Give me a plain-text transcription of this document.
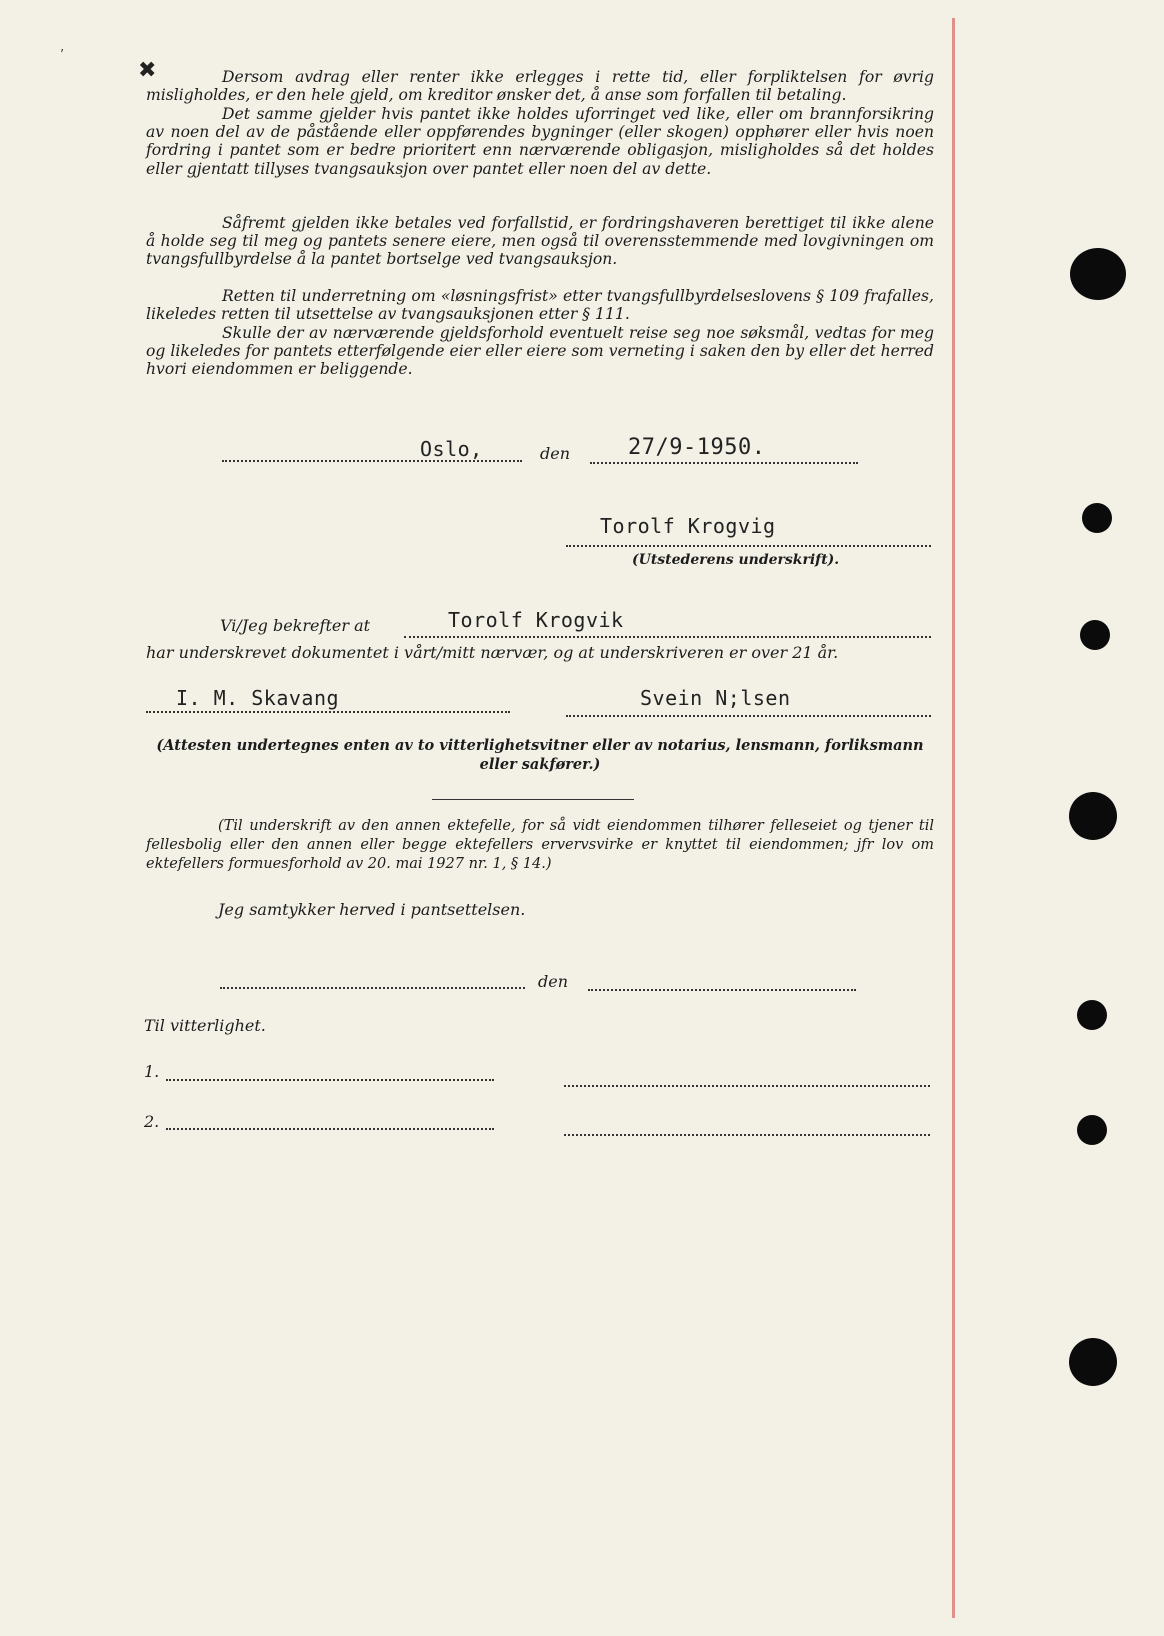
’
✖	Dersom avdrag eller renter ikke erlegges i rette tid, eller forpliktelsen for øvrig misligholdes, er den hele gjeld, om kreditor ønsker det, å anse som forfallen til betaling.

Det samme gjelder hvis pantet ikke holdes uforringet ved like, eller om brannforsikring av noen del av de påstående eller oppførendes bygninger (eller skogen) opphører eller hvis noen fordring i pantet som er bedre prioritert enn nærværende obligasjon, misligholdes så det holdes eller gjentatt tillyses tvangsauksjon over pantet eller noen del av dette.

Såfremt gjelden ikke betales ved forfallstid, er fordringshaveren berettiget til ikke alene å holde seg til meg og pantets senere eiere, men også til overensstemmende med lovgivningen om tvangsfullbyrdelse å la pantet bortselge ved tvangsauksjon.

Retten til underretning om «løsningsfrist» etter tvangsfullbyrdelseslovens § 109 frafalles, likeledes retten til utsettelse av tvangsauksjonen etter § 111.

Skulle der av nærværende gjeldsforhold eventuelt reise seg noe søksmål, vedtas for meg og likeledes for pantets etterfølgende eier eller eiere som verneting i saken den by eller det herred hvori eiendommen er beliggende.

Oslo,	den	27/9-1950.
Torolf Krogvig
(Utstederens underskrift).
Vi/Jeg bekrefter at	Torolf Krogvik
har underskrevet dokumentet i vårt/mitt nærvær, og at underskriveren er over 21 år.
I. M. Skavang	Svein N;lsen
(Attesten undertegnes enten av to vitterlighetsvitner eller av notarius, lensmann, forliksmann eller sakfører.)
(Til underskrift av den annen ektefelle, for så vidt eiendommen tilhører felleseiet og tjener til fellesbolig eller den annen eller begge ektefellers ervervsvirke er knyttet til eiendommen; jfr lov om ektefellers formuesforhold av 20. mai 1927 nr. 1, § 14.)
Jeg samtykker herved i pantsettelsen.
den
Til vitterlighet.
1.
2.
